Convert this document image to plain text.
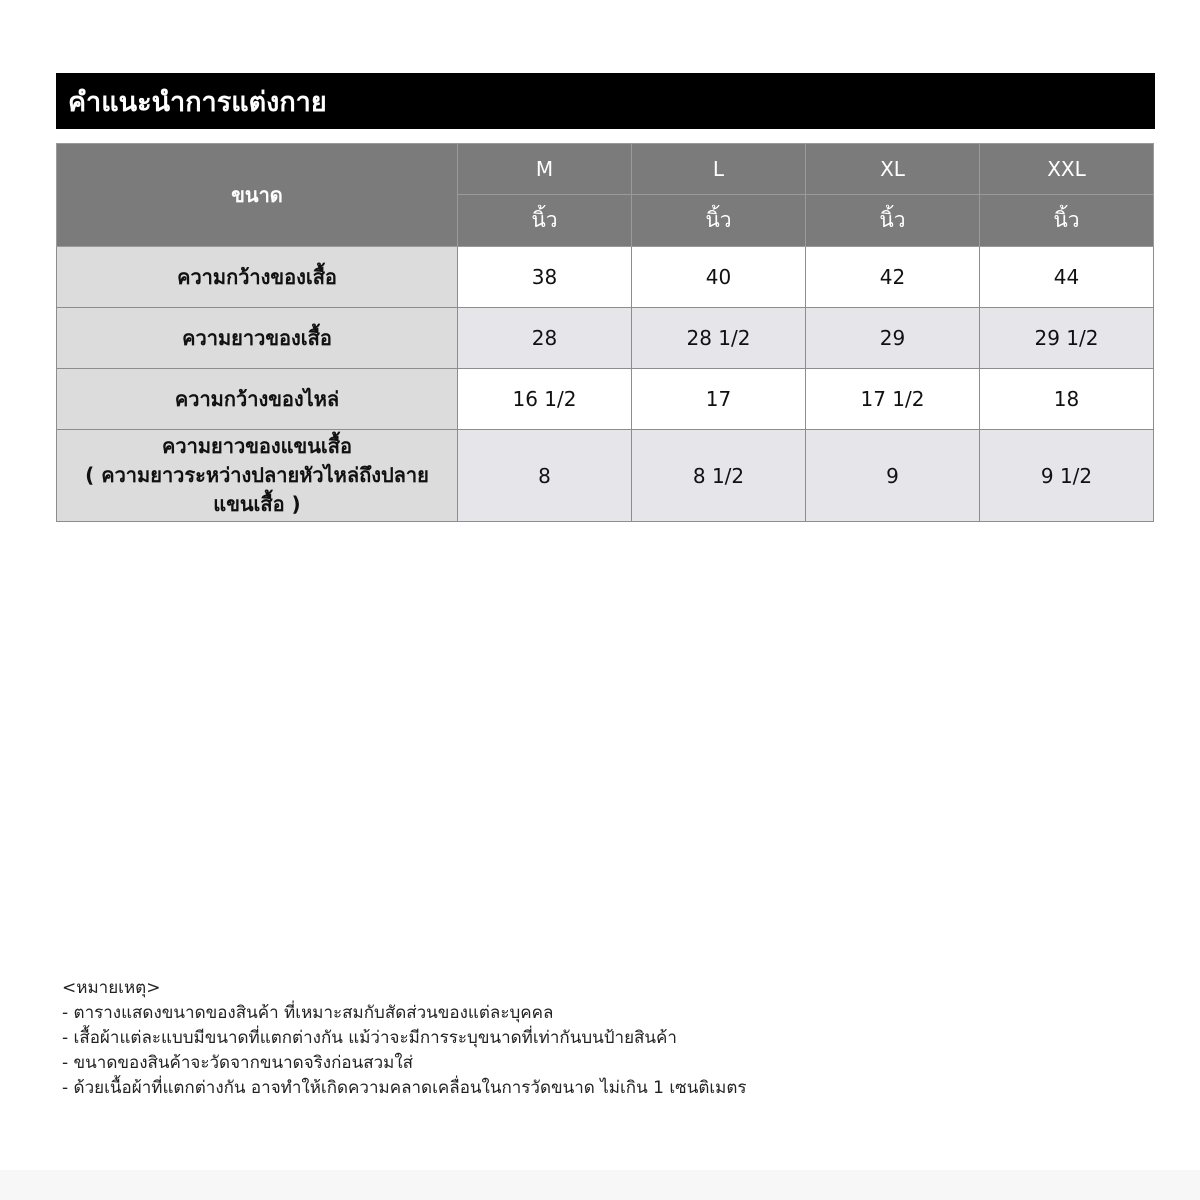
คำแนะนำการแต่งกาย
ขนาด	M	L	XL	XXL
	นิ้ว	นิ้ว	นิ้ว	นิ้ว
ความกว้างของเสื้อ	38	40	42	44
ความยาวของเสื้อ	28	28 1/2	29	29 1/2
ความกว้างของไหล่	16 1/2	17	17 1/2	18

ความยาวของแขนเสื้อ
( ความยาวระหว่างปลายหัวไหล่ถึงปลาย
แขนเสื้อ )	8	8 1/2	9	9 1/2
<หมายเหตุ>
- ตารางแสดงขนาดของสินค้า ที่เหมาะสมกับสัดส่วนของแต่ละบุคคล
- เสื้อผ้าแต่ละแบบมีขนาดที่แตกต่างกัน แม้ว่าจะมีการระบุขนาดที่เท่ากันบนป้ายสินค้า
- ขนาดของสินค้าจะวัดจากขนาดจริงก่อนสวมใส่
- ด้วยเนื้อผ้าที่แตกต่างกัน อาจทำให้เกิดความคลาดเคลื่อนในการวัดขนาด ไม่เกิน 1 เซนติเมตร
